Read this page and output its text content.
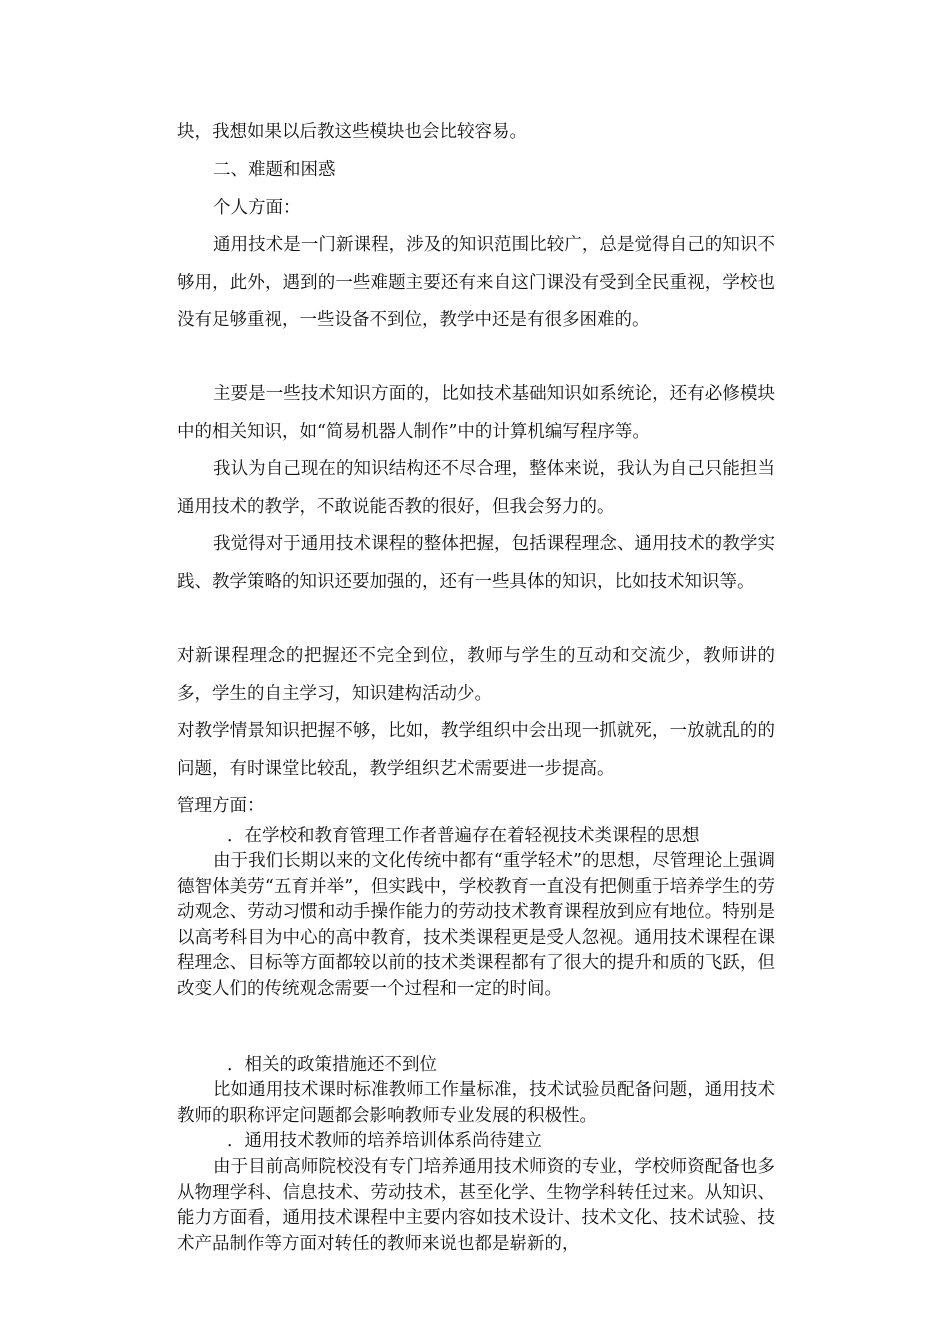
块，我想如果以后教这些模块也会比较容易。

二、难题和困惑

个人方面：

通用技术是一门新课程，涉及的知识范围比较广，总是觉得自己的知识不够用，此外，遇到的一些难题主要还有来自这门课没有受到全民重视，学校也没有足够重视，一些设备不到位，教学中还是有很多困难的。

主要是一些技术知识方面的，比如技术基础知识如系统论，还有必修模块中的相关知识，如“简易机器人制作”中的计算机编写程序等。

我认为自己现在的知识结构还不尽合理，整体来说，我认为自己只能担当通用技术的教学，不敢说能否教的很好，但我会努力的。

我觉得对于通用技术课程的整体把握，包括课程理念、通用技术的教学实践、教学策略的知识还要加强的，还有一些具体的知识，比如技术知识等。

对新课程理念的把握还不完全到位，教师与学生的互动和交流少，教师讲的多，学生的自主学习，知识建构活动少。

对教学情景知识把握不够，比如，教学组织中会出现一抓就死，一放就乱的的问题，有时课堂比较乱，教学组织艺术需要进一步提高。

管理方面：

．在学校和教育管理工作者普遍存在着轻视技术类课程的思想

由于我们长期以来的文化传统中都有“重学轻术”的思想，尽管理论上强调德智体美劳“五育并举”，但实践中，学校教育一直没有把侧重于培养学生的劳动观念、劳动习惯和动手操作能力的劳动技术教育课程放到应有地位。特别是以高考科目为中心的高中教育，技术类课程更是受人忽视。通用技术课程在课程理念、目标等方面都较以前的技术类课程都有了很大的提升和质的飞跃，但改变人们的传统观念需要一个过程和一定的时间。

．相关的政策措施还不到位

比如通用技术课时标准教师工作量标准，技术试验员配备问题，通用技术教师的职称评定问题都会影响教师专业发展的积极性。

．通用技术教师的培养培训体系尚待建立

由于目前高师院校没有专门培养通用技术师资的专业，学校师资配备也多从物理学科、信息技术、劳动技术，甚至化学、生物学科转任过来。从知识、能力方面看，通用技术课程中主要内容如技术设计、技术文化、技术试验、技术产品制作等方面对转任的教师来说也都是崭新的，
